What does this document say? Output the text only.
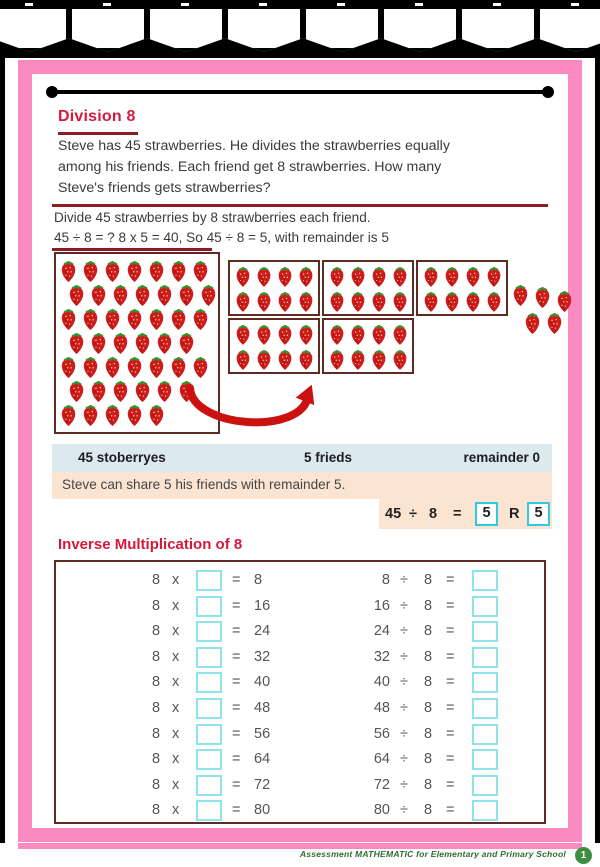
Division 8
Steve has 45 strawberries. He divides the strawberries equally
among his friends. Each friend get 8 strawberries. How many
Steve's friends gets strawberries?
Divide 45 strawberries by 8 strawberries each friend.
45 ÷ 8 = ? 8 x 5 = 40, So 45 ÷ 8 = 5, with remainder is 5
45 stoberryes	5 frieds	remainder 0
Steve can share 5 his friends with remainder 5.
45 ÷ 8 =	5	R	5
Inverse Multiplication of 8
8 x	= 8	8 ÷ 8 =
8 x	= 16	16 ÷ 8 =
8 x	= 24	24 ÷ 8 =
8 x	= 32	32 ÷ 8 =
8 x	= 40	40 ÷ 8 =
8 x	= 48	48 ÷ 8 =
8 x	= 56	56 ÷ 8 =
8 x	= 64	64 ÷ 8 =
8 x	= 72	72 ÷ 8 =
8 x	= 80	80 ÷ 8 =
Assessment MATHEMATIC for Elementary and Primary School	1
